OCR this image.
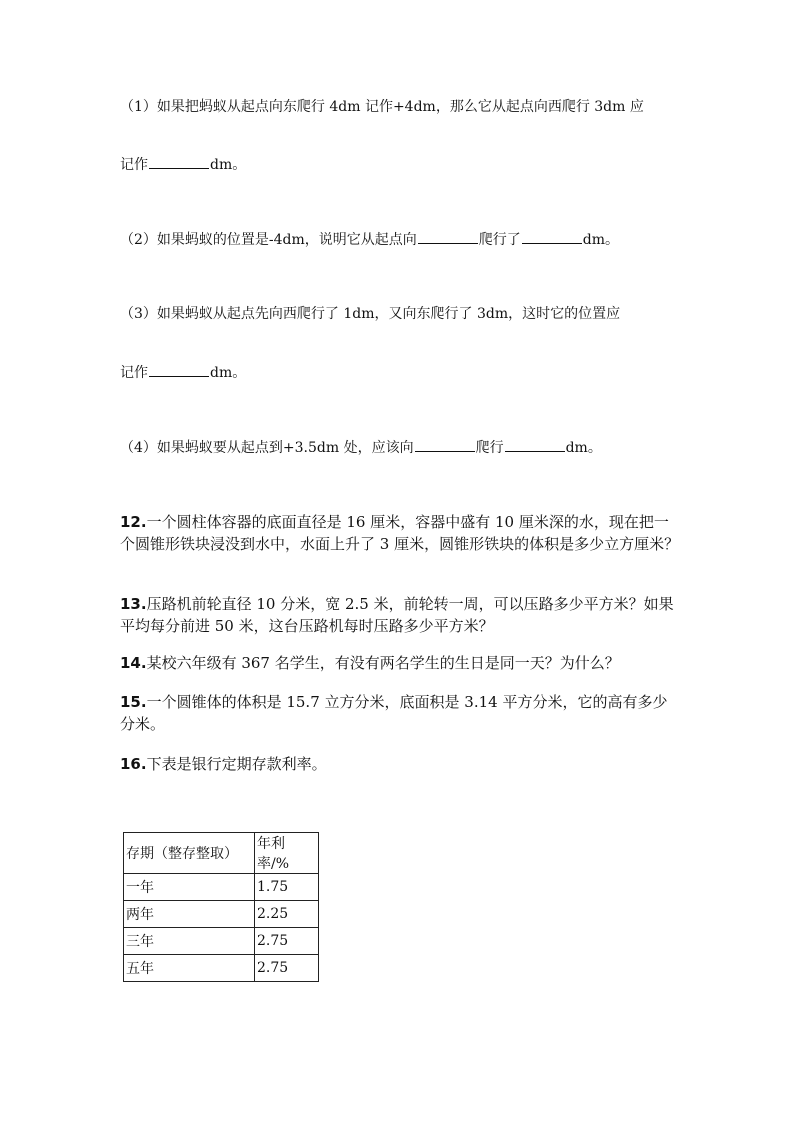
（1）如果把蚂蚁从起点向东爬行 4dm 记作+4dm，那么它从起点向西爬行 3dm 应
记作	dm。
（2）如果蚂蚁的位置是-4dm，说明它从起点向	爬行了	dm。
（3）如果蚂蚁从起点先向西爬行了 1dm，又向东爬行了 3dm，这时它的位置应
记作	dm。
（4）如果蚂蚁要从起点到+3.5dm 处，应该向	爬行	dm。
12.一个圆柱体容器的底面直径是 16 厘米，容器中盛有 10 厘米深的水，现在把一个圆锥形铁块浸没到水中，水面上升了 3 厘米，圆锥形铁块的体积是多少立方厘米？
13.压路机前轮直径 10 分米，宽 2.5 米，前轮转一周，可以压路多少平方米？如果平均每分前进 50 米，这台压路机每时压路多少平方米？
14.某校六年级有 367 名学生，有没有两名学生的生日是同一天？为什么？
15.一个圆锥体的体积是 15.7 立方分米，底面积是 3.14 平方分米，它的高有多少分米。
16.下表是银行定期存款利率。
存期（整存整取）	年利率/%
一年	1.75
两年	2.25
三年	2.75
五年	2.75
